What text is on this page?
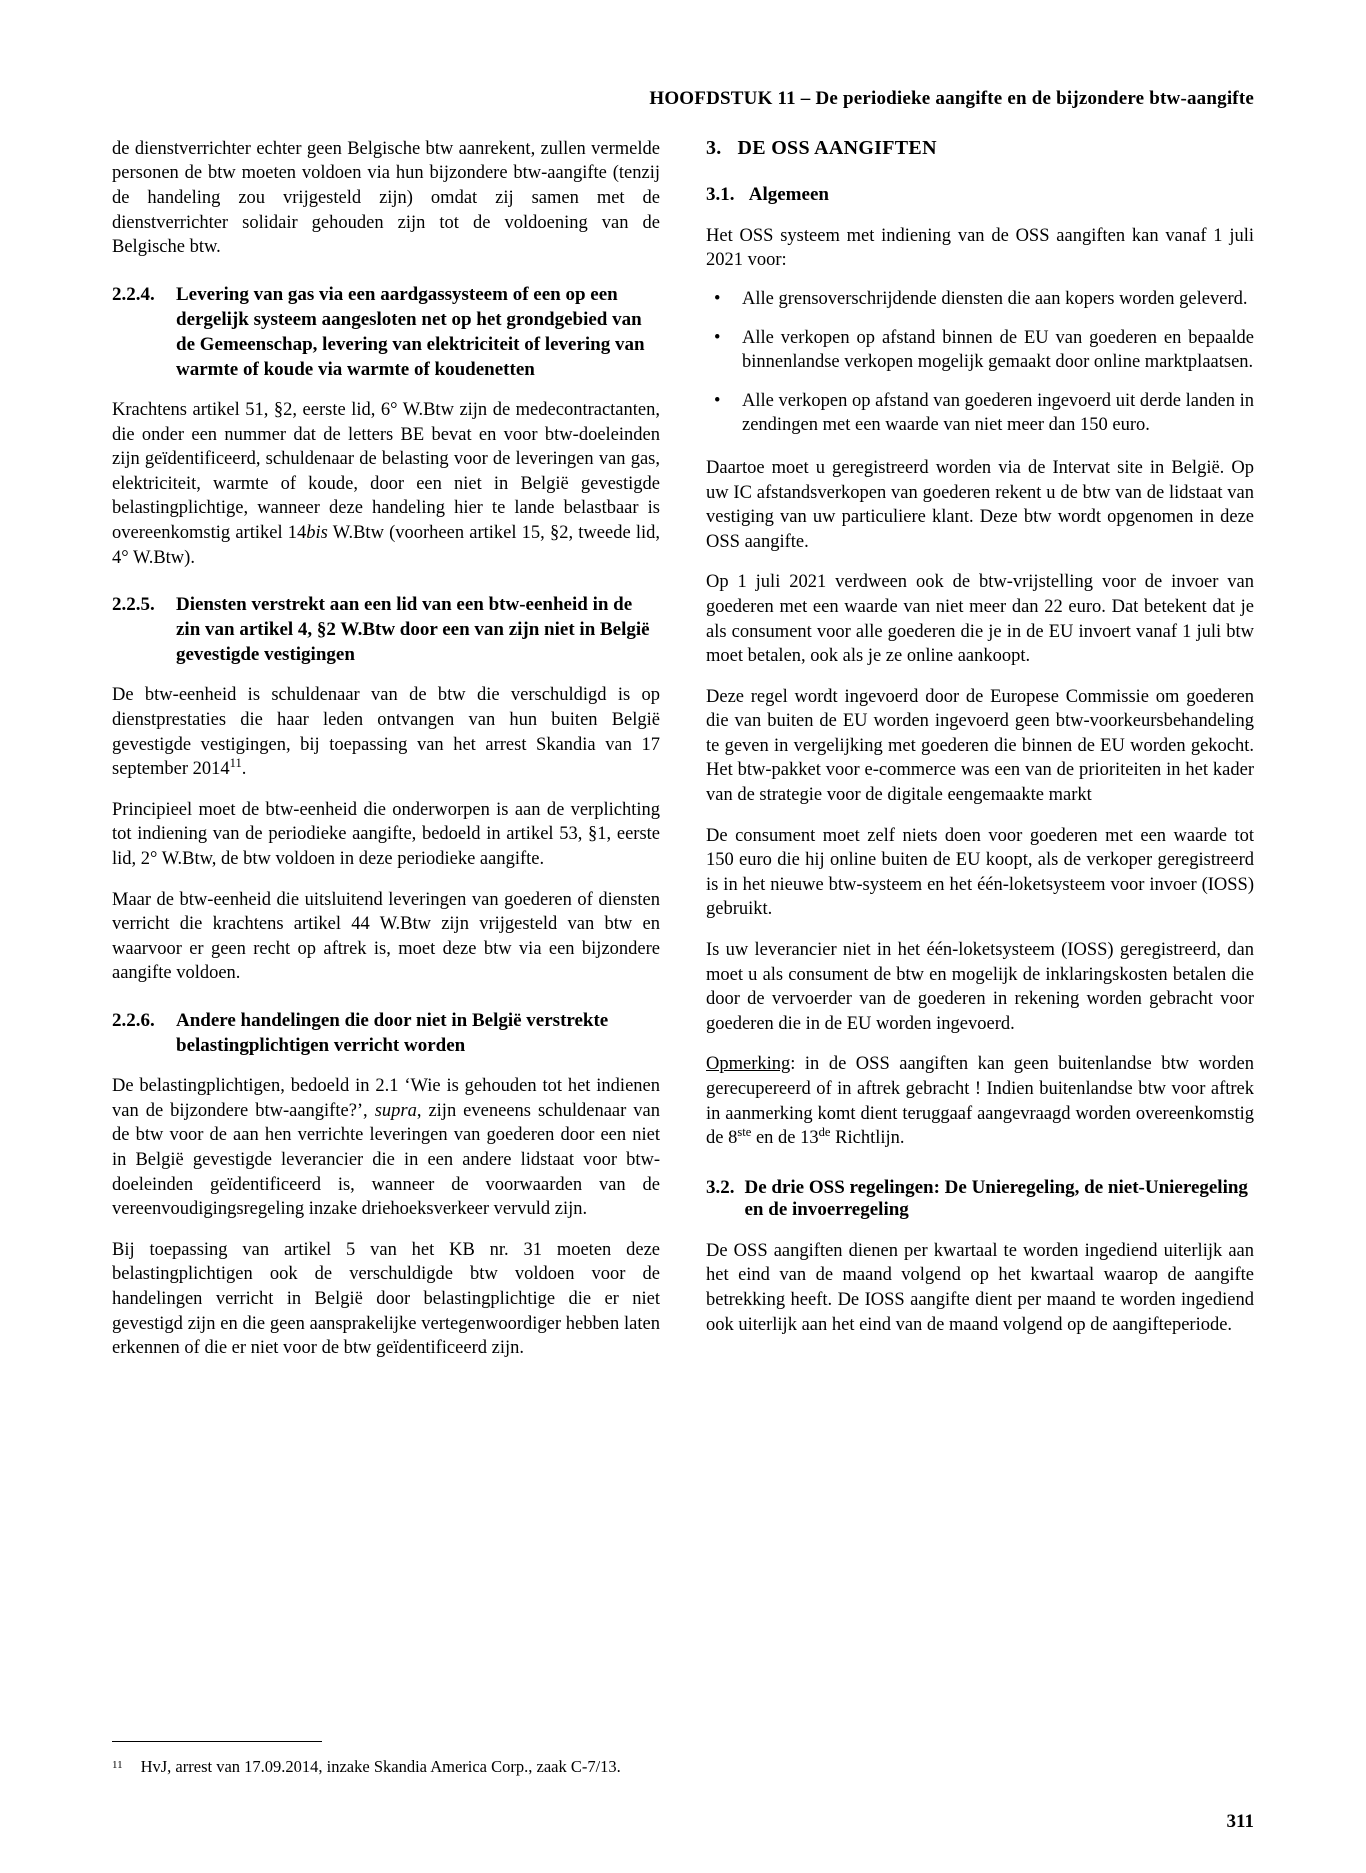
HOOFDSTUK 11 – De periodieke aangifte en de bijzondere btw-aangifte

de dienstverrichter echter geen Belgische btw aanrekent, zullen vermelde personen de btw moeten voldoen via hun bijzondere btw-aangifte (tenzij de handeling zou vrijgesteld zijn) omdat zij samen met de dienstverrichter solidair gehouden zijn tot de voldoening van de Belgische btw.

2.2.4.	Levering van gas via een aardgassysteem of een op een dergelijk systeem aangesloten net op het grondgebied van de Gemeenschap, levering van elektriciteit of levering van warmte of koude via warmte of koudenetten

Krachtens artikel 51, §2, eerste lid, 6° W.Btw zijn de medecontractanten, die onder een nummer dat de letters BE bevat en voor btw-doeleinden zijn geïdentificeerd, schuldenaar de belasting voor de leveringen van gas, elektriciteit, warmte of koude, door een niet in België gevestigde belastingplichtige, wanneer deze handeling hier te lande belastbaar is overeenkomstig artikel 14bis W.Btw (voorheen artikel 15, §2, tweede lid, 4° W.Btw).

2.2.5.	Diensten verstrekt aan een lid van een btw-eenheid in de zin van artikel 4, §2 W.Btw door een van zijn niet in België gevestigde vestigingen

De btw-eenheid is schuldenaar van de btw die verschuldigd is op dienstprestaties die haar leden ontvangen van hun buiten België gevestigde vestigingen, bij toepassing van het arrest Skandia van 17 september 2014$^{11}$.

Principieel moet de btw-eenheid die onderworpen is aan de verplichting tot indiening van de periodieke aangifte, bedoeld in artikel 53, §1, eerste lid, 2° W.Btw, de btw voldoen in deze periodieke aangifte.

Maar de btw-eenheid die uitsluitend leveringen van goederen of diensten verricht die krachtens artikel 44 W.Btw zijn vrijgesteld van btw en waarvoor er geen recht op aftrek is, moet deze btw via een bijzondere aangifte voldoen.

2.2.6.	Andere handelingen die door niet in België verstrekte belastingplichtigen verricht worden

De belastingplichtigen, bedoeld in 2.1 ‘Wie is gehouden tot het indienen van de bijzondere btw-aangifte?’, supra, zijn eveneens schuldenaar van de btw voor de aan hen verrichte leveringen van goederen door een niet in België gevestigde leverancier die in een andere lidstaat voor btw-doeleinden geïdentificeerd is, wanneer de voorwaarden van de vereenvoudigingsregeling inzake driehoeksverkeer vervuld zijn.

Bij toepassing van artikel 5 van het KB nr. 31 moeten deze belastingplichtigen ook de verschuldigde btw voldoen voor de handelingen verricht in België door belastingplichtige die er niet gevestigd zijn en die geen aansprakelijke vertegenwoordiger hebben laten erkennen of die er niet voor de btw geïdentificeerd zijn.

3. DE OSS AANGIFTEN
3.1. Algemeen

Het OSS systeem met indiening van de OSS aangiften kan vanaf 1 juli 2021 voor:

• Alle grensoverschrijdende diensten die aan kopers worden geleverd.
• Alle verkopen op afstand binnen de EU van goederen en bepaalde binnenlandse verkopen mogelijk gemaakt door online marktplaatsen.
• Alle verkopen op afstand van goederen ingevoerd uit derde landen in zendingen met een waarde van niet meer dan 150 euro.

Daartoe moet u geregistreerd worden via de Intervat site in België. Op uw IC afstandsverkopen van goederen rekent u de btw van de lidstaat van vestiging van uw particuliere klant. Deze btw wordt opgenomen in deze OSS aangifte.

Op 1 juli 2021 verdween ook de btw-vrijstelling voor de invoer van goederen met een waarde van niet meer dan 22 euro. Dat betekent dat je als consument voor alle goederen die je in de EU invoert vanaf 1 juli btw moet betalen, ook als je ze online aankoopt.

Deze regel wordt ingevoerd door de Europese Commissie om goederen die van buiten de EU worden ingevoerd geen btw-voorkeursbehandeling te geven in vergelijking met goederen die binnen de EU worden gekocht. Het btw-pakket voor e-commerce was een van de prioriteiten in het kader van de strategie voor de digitale eengemaakte markt

De consument moet zelf niets doen voor goederen met een waarde tot 150 euro die hij online buiten de EU koopt, als de verkoper geregistreerd is in het nieuwe btw-systeem en het één-loketsysteem voor invoer (IOSS) gebruikt.

Is uw leverancier niet in het één-loketsysteem (IOSS) geregistreerd, dan moet u als consument de btw en mogelijk de inklaringskosten betalen die door de vervoerder van de goederen in rekening worden gebracht voor goederen die in de EU worden ingevoerd.

Opmerking: in de OSS aangiften kan geen buitenlandse btw worden gerecupereerd of in aftrek gebracht ! Indien buitenlandse btw voor aftrek in aanmerking komt dient teruggaaf aangevraagd worden overeenkomstig de 8ste en de 13de Richtlijn.

3.2. De drie OSS regelingen: De Unieregeling, de niet-Unieregeling en de invoerregeling

De OSS aangiften dienen per kwartaal te worden ingediend uiterlijk aan het eind van de maand volgend op het kwartaal waarop de aangifte betrekking heeft. De IOSS aangifte dient per maand te worden ingediend ook uiterlijk aan het eind van de maand volgend op de aangifteperiode.

11 HvJ, arrest van 17.09.2014, inzake Skandia America Corp., zaak C-7/13.
311
